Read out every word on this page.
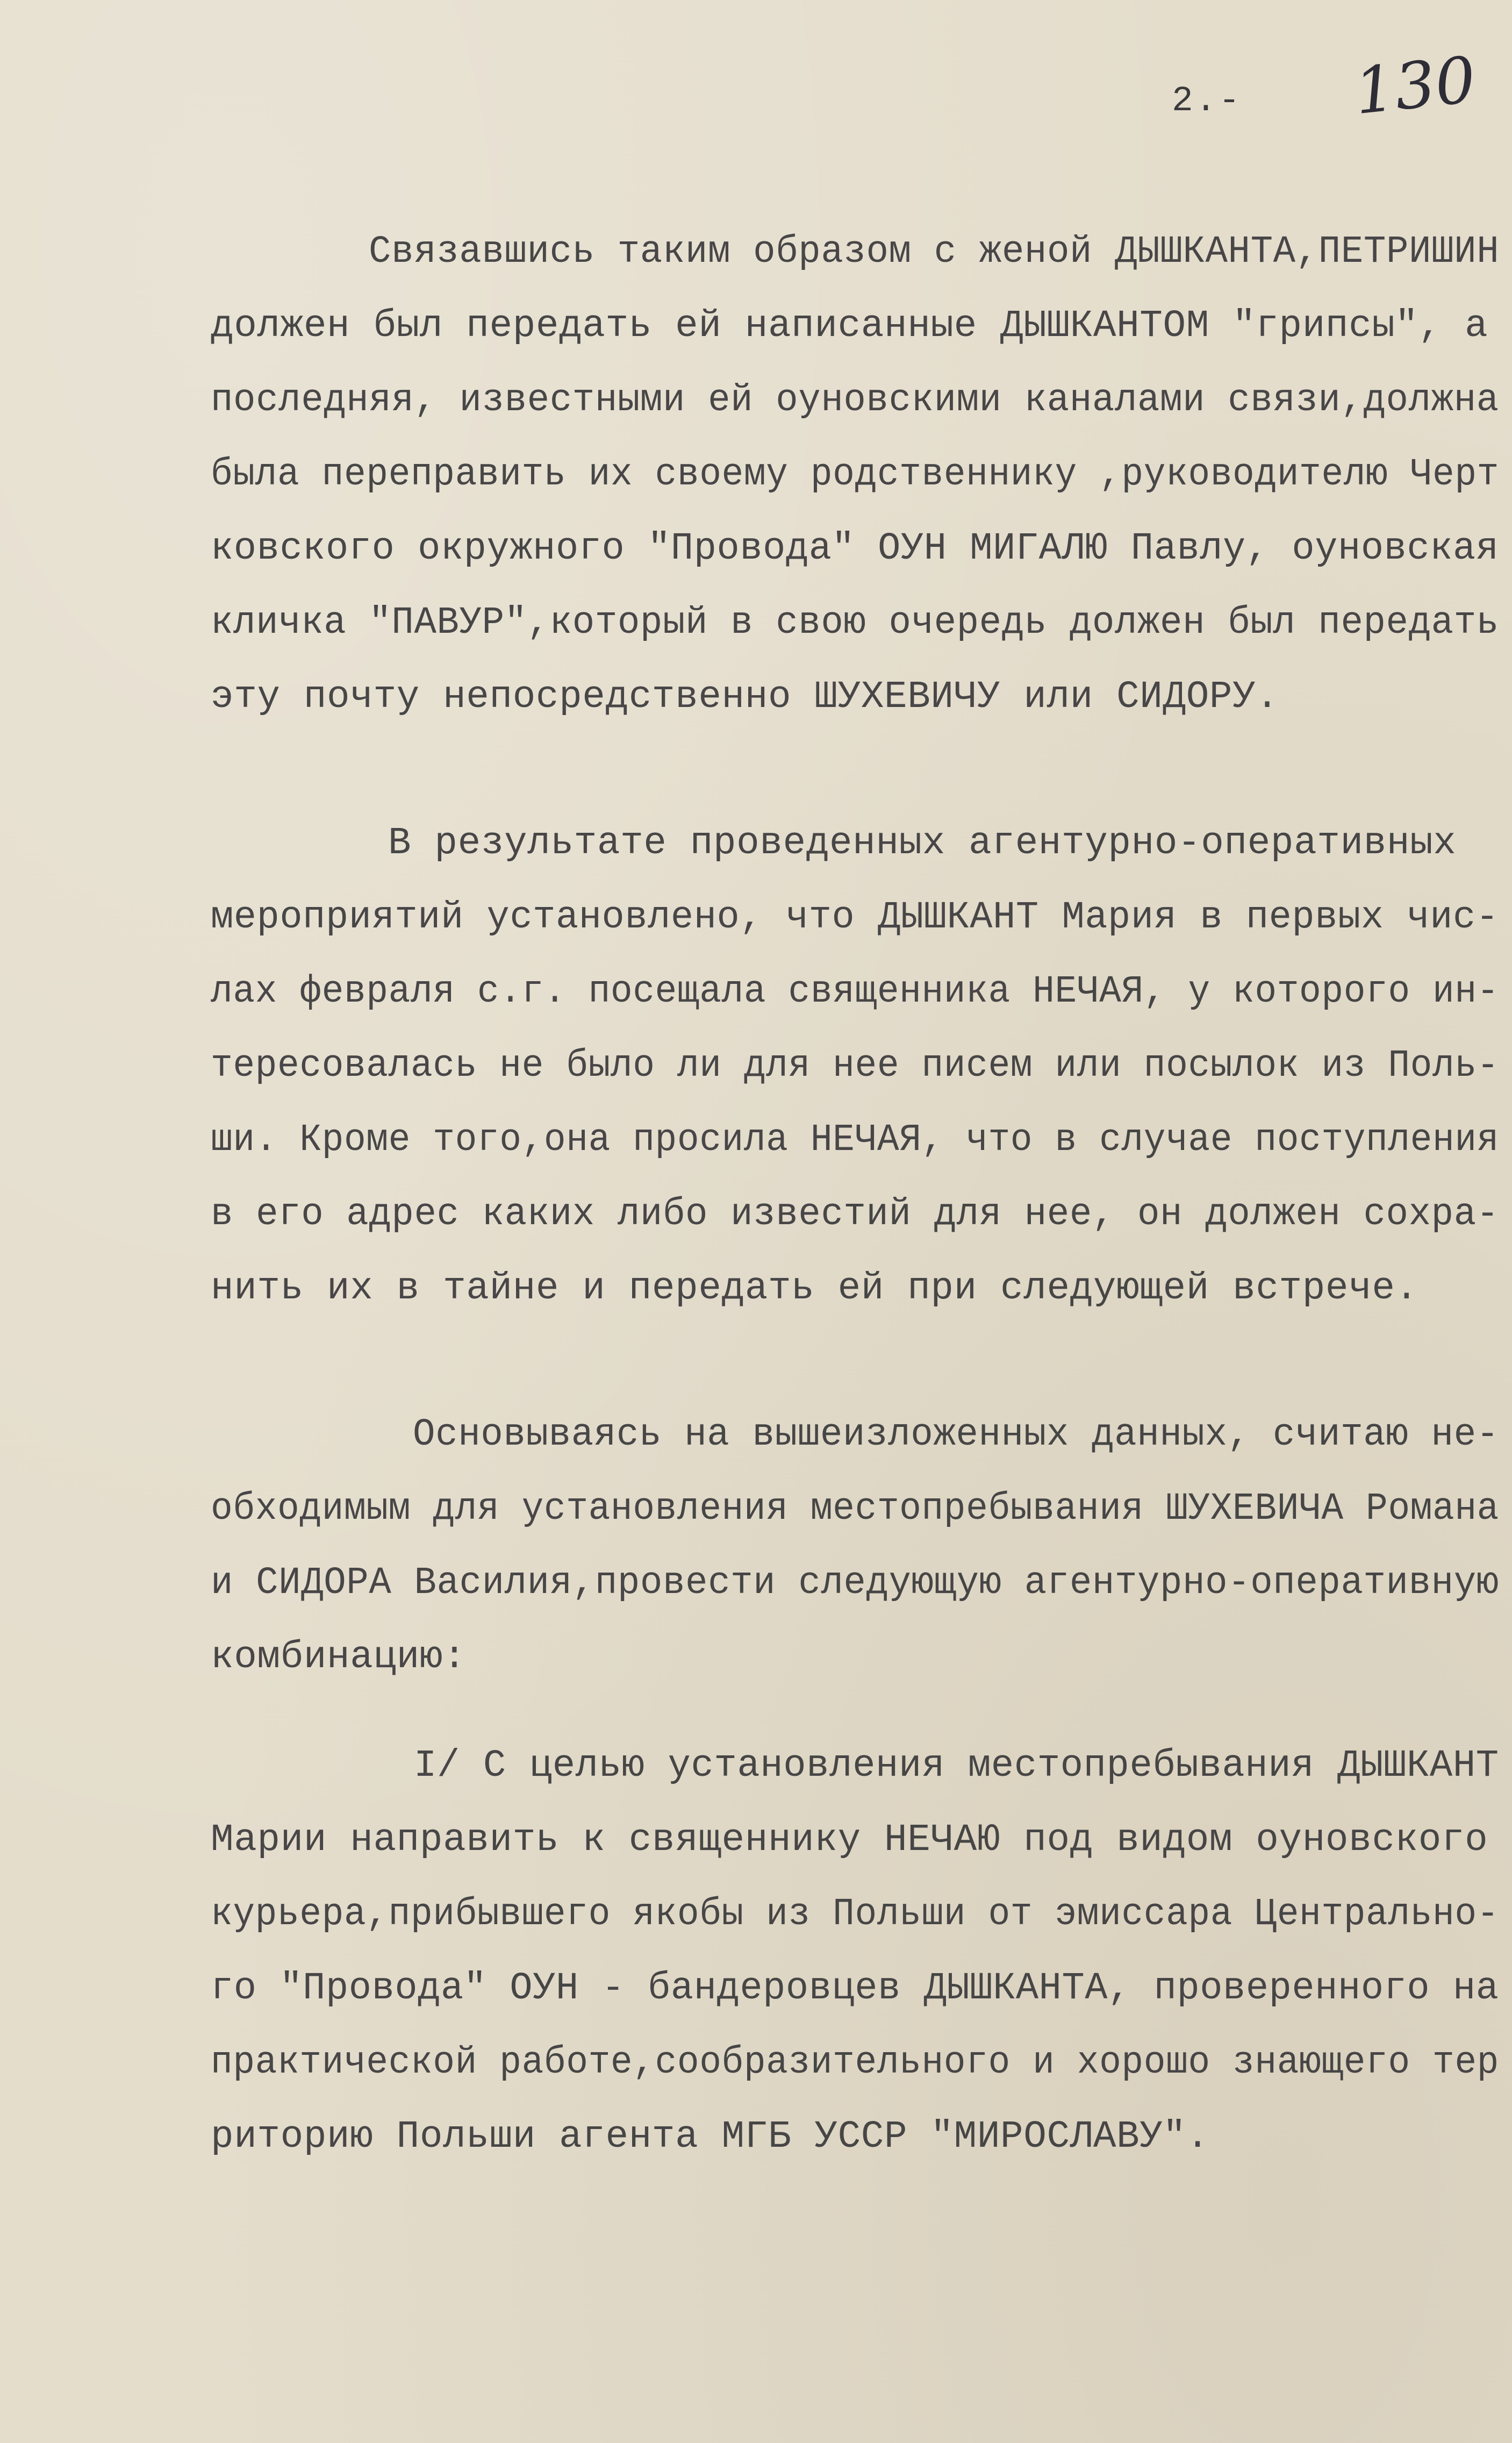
2.- 130
Связавшись таким образом с женой ДЫШКАНТА,ПЕТРИШИН
должен был передать ей написанные ДЫШКАНТОМ "грипсы", а
последняя, известными ей оуновскими каналами связи,должна
была переправить их своему родственнику ,руководителю Черт
ковского окружного "Провода" ОУН МИГАЛЮ Павлу, оуновская
кличка "ПАВУР",который в свою очередь должен был передать
эту почту непосредственно ШУХЕВИЧУ или СИДОРУ.
В результате проведенных агентурно-оперативных
мероприятий установлено, что ДЫШКАНТ Мария в первых чис-
лах февраля с.г. посещала священника НЕЧАЯ, у которого ин-
тересовалась не было ли для нее писем или посылок из Поль-
ши. Кроме того,она просила НЕЧАЯ, что в случае поступления
в его адрес каких либо известий для нее, он должен сохра-
нить их в тайне и передать ей при следующей встрече.
Основываясь на вышеизложенных данных, считаю не-
обходимым для установления местопребывания ШУХЕВИЧА Романа
и СИДОРА Василия,провести следующую агентурно-оперативную
комбинацию:
I/ С целью установления местопребывания ДЫШКАНТ
Марии направить к священнику НЕЧАЮ под видом оуновского
курьера,прибывшего якобы из Польши от эмиссара Центрально-
го "Провода" ОУН - бандеровцев ДЫШКАНТА, проверенного на
практической работе,сообразительного и хорошо знающего тер
риторию Польши агента МГБ УССР "МИРОСЛАВУ".
